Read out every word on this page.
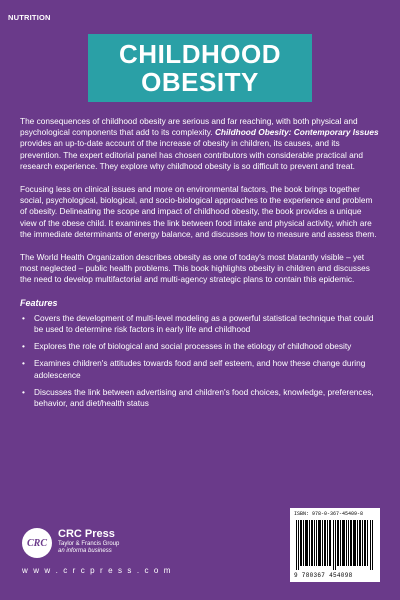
NUTRITION
CHILDHOOD
OBESITY

The consequences of childhood obesity are serious and far reaching, with both physical and psychological components that add to its complexity. Childhood Obesity: Contemporary Issues provides an up-to-date account of the increase of obesity in children, its causes, and its prevention. The expert editorial panel has chosen contributors with considerable practical and research experience. They explore why childhood obesity is so difficult to prevent and treat.

Focusing less on clinical issues and more on environmental factors, the book brings together social, psychological, biological, and socio-biological approaches to the experience and problem of obesity. Delineating the scope and impact of childhood obesity, the book provides a unique view of the obese child. It examines the link between food intake and physical activity, which are the immediate determinants of energy balance, and discusses how to measure and assess them.

The World Health Organization describes obesity as one of today's most blatantly visible – yet most neglected – public health problems. This book highlights obesity in children and discusses the need to develop multifactorial and multi-agency strategic plans to contain this epidemic.

Features
• Covers the development of multi-level modeling as a powerful statistical technique that could be used to determine risk factors in early life and childhood
• Explores the role of biological and social processes in the etiology of childhood obesity
• Examines children's attitudes towards food and self esteem, and how these change during adolescence
• Discusses the link between advertising and children's food choices, knowledge, preferences, behavior, and diet/health status
CRC
CRC Press
Taylor & Francis Group
an informa business
w w w . c r c p r e s s . c o m
ISBN: 978-0-367-45409-8
9 780367 454098
